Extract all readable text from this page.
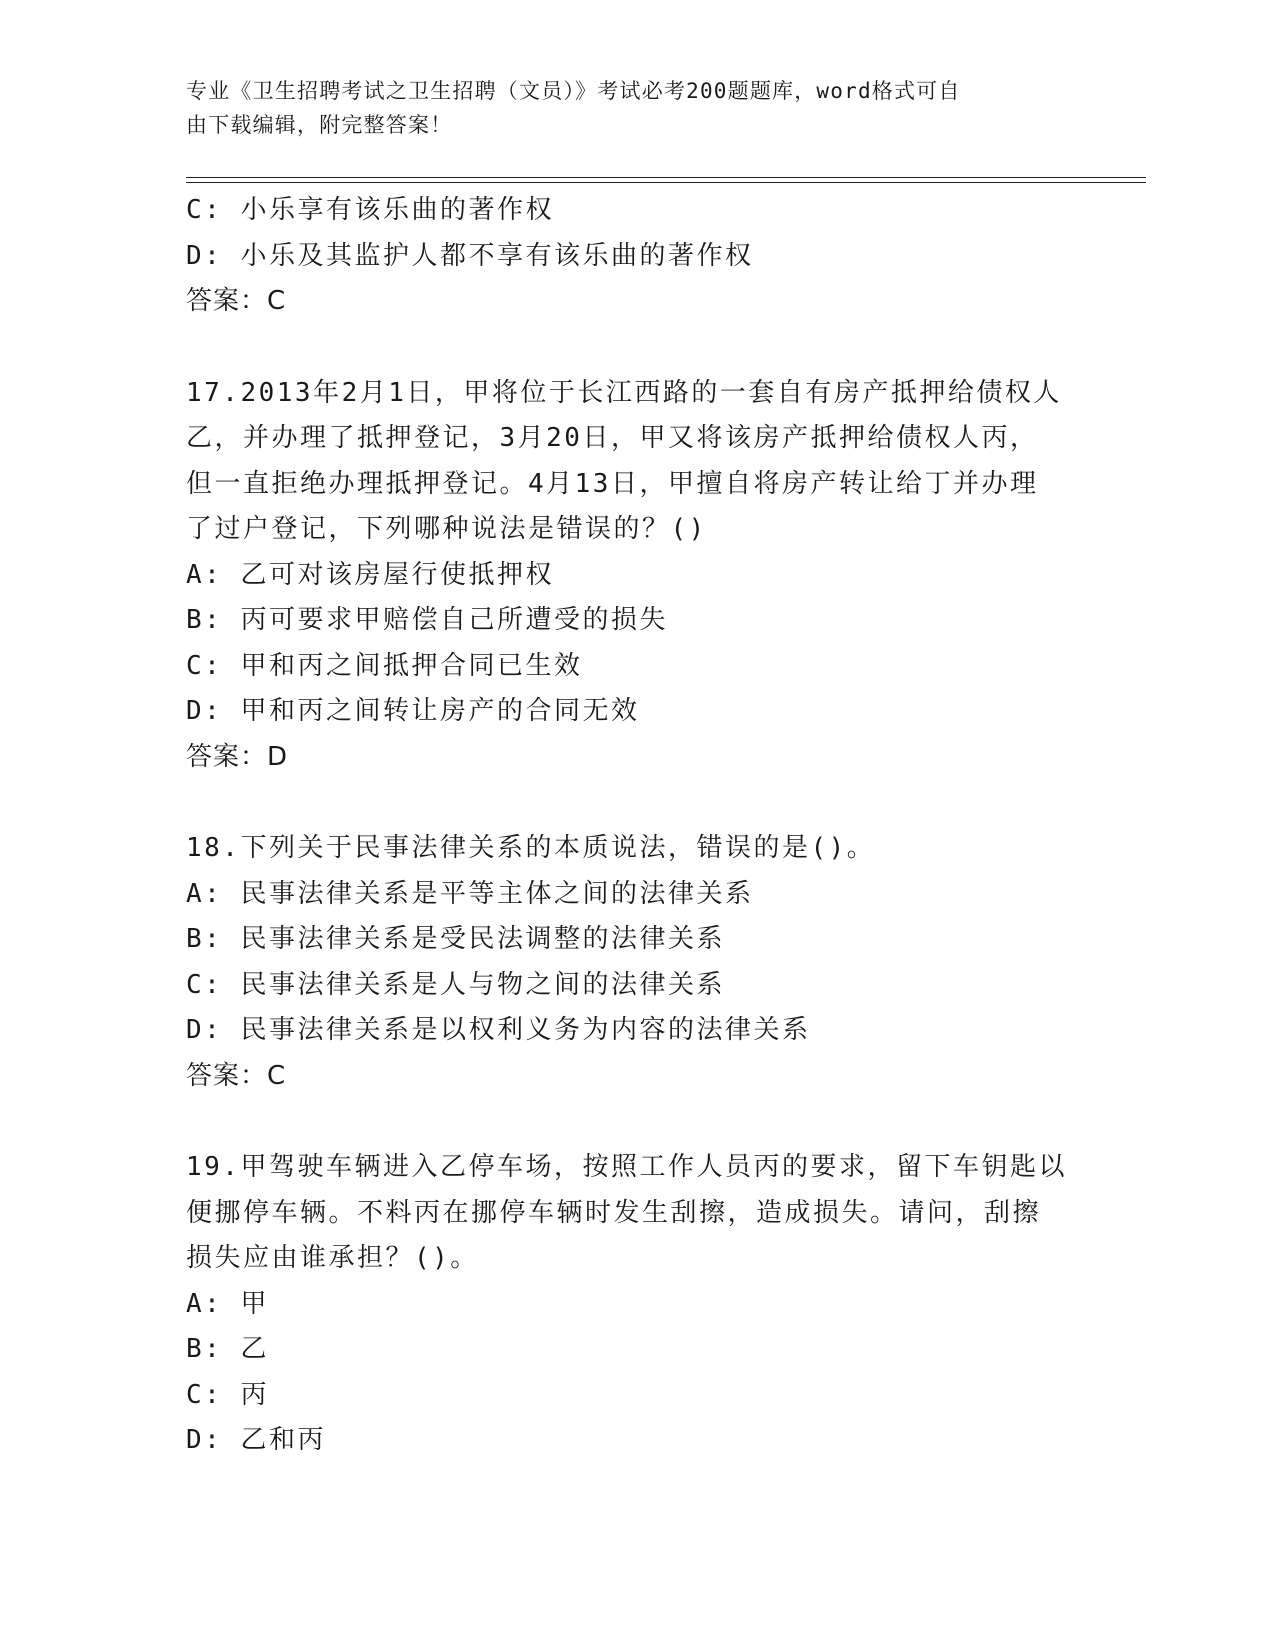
专业《卫生招聘考试之卫生招聘（文员）》考试必考200题题库，word格式可自
由下载编辑，附完整答案！
C: 小乐享有该乐曲的著作权
D: 小乐及其监护人都不享有该乐曲的著作权
答案：C
17.2013年2月1日，甲将位于长江西路的一套自有房产抵押给债权人
乙，并办理了抵押登记，3月20日，甲又将该房产抵押给债权人丙，
但一直拒绝办理抵押登记。4月13日，甲擅自将房产转让给丁并办理
了过户登记，下列哪种说法是错误的？()
A: 乙可对该房屋行使抵押权
B: 丙可要求甲赔偿自己所遭受的损失
C: 甲和丙之间抵押合同已生效
D: 甲和丙之间转让房产的合同无效
答案：D
18.下列关于民事法律关系的本质说法，错误的是()。
A: 民事法律关系是平等主体之间的法律关系
B: 民事法律关系是受民法调整的法律关系
C: 民事法律关系是人与物之间的法律关系
D: 民事法律关系是以权利义务为内容的法律关系
答案：C
19.甲驾驶车辆进入乙停车场，按照工作人员丙的要求，留下车钥匙以
便挪停车辆。不料丙在挪停车辆时发生刮擦，造成损失。请问，刮擦
损失应由谁承担？()。
A: 甲
B: 乙
C: 丙
D: 乙和丙
